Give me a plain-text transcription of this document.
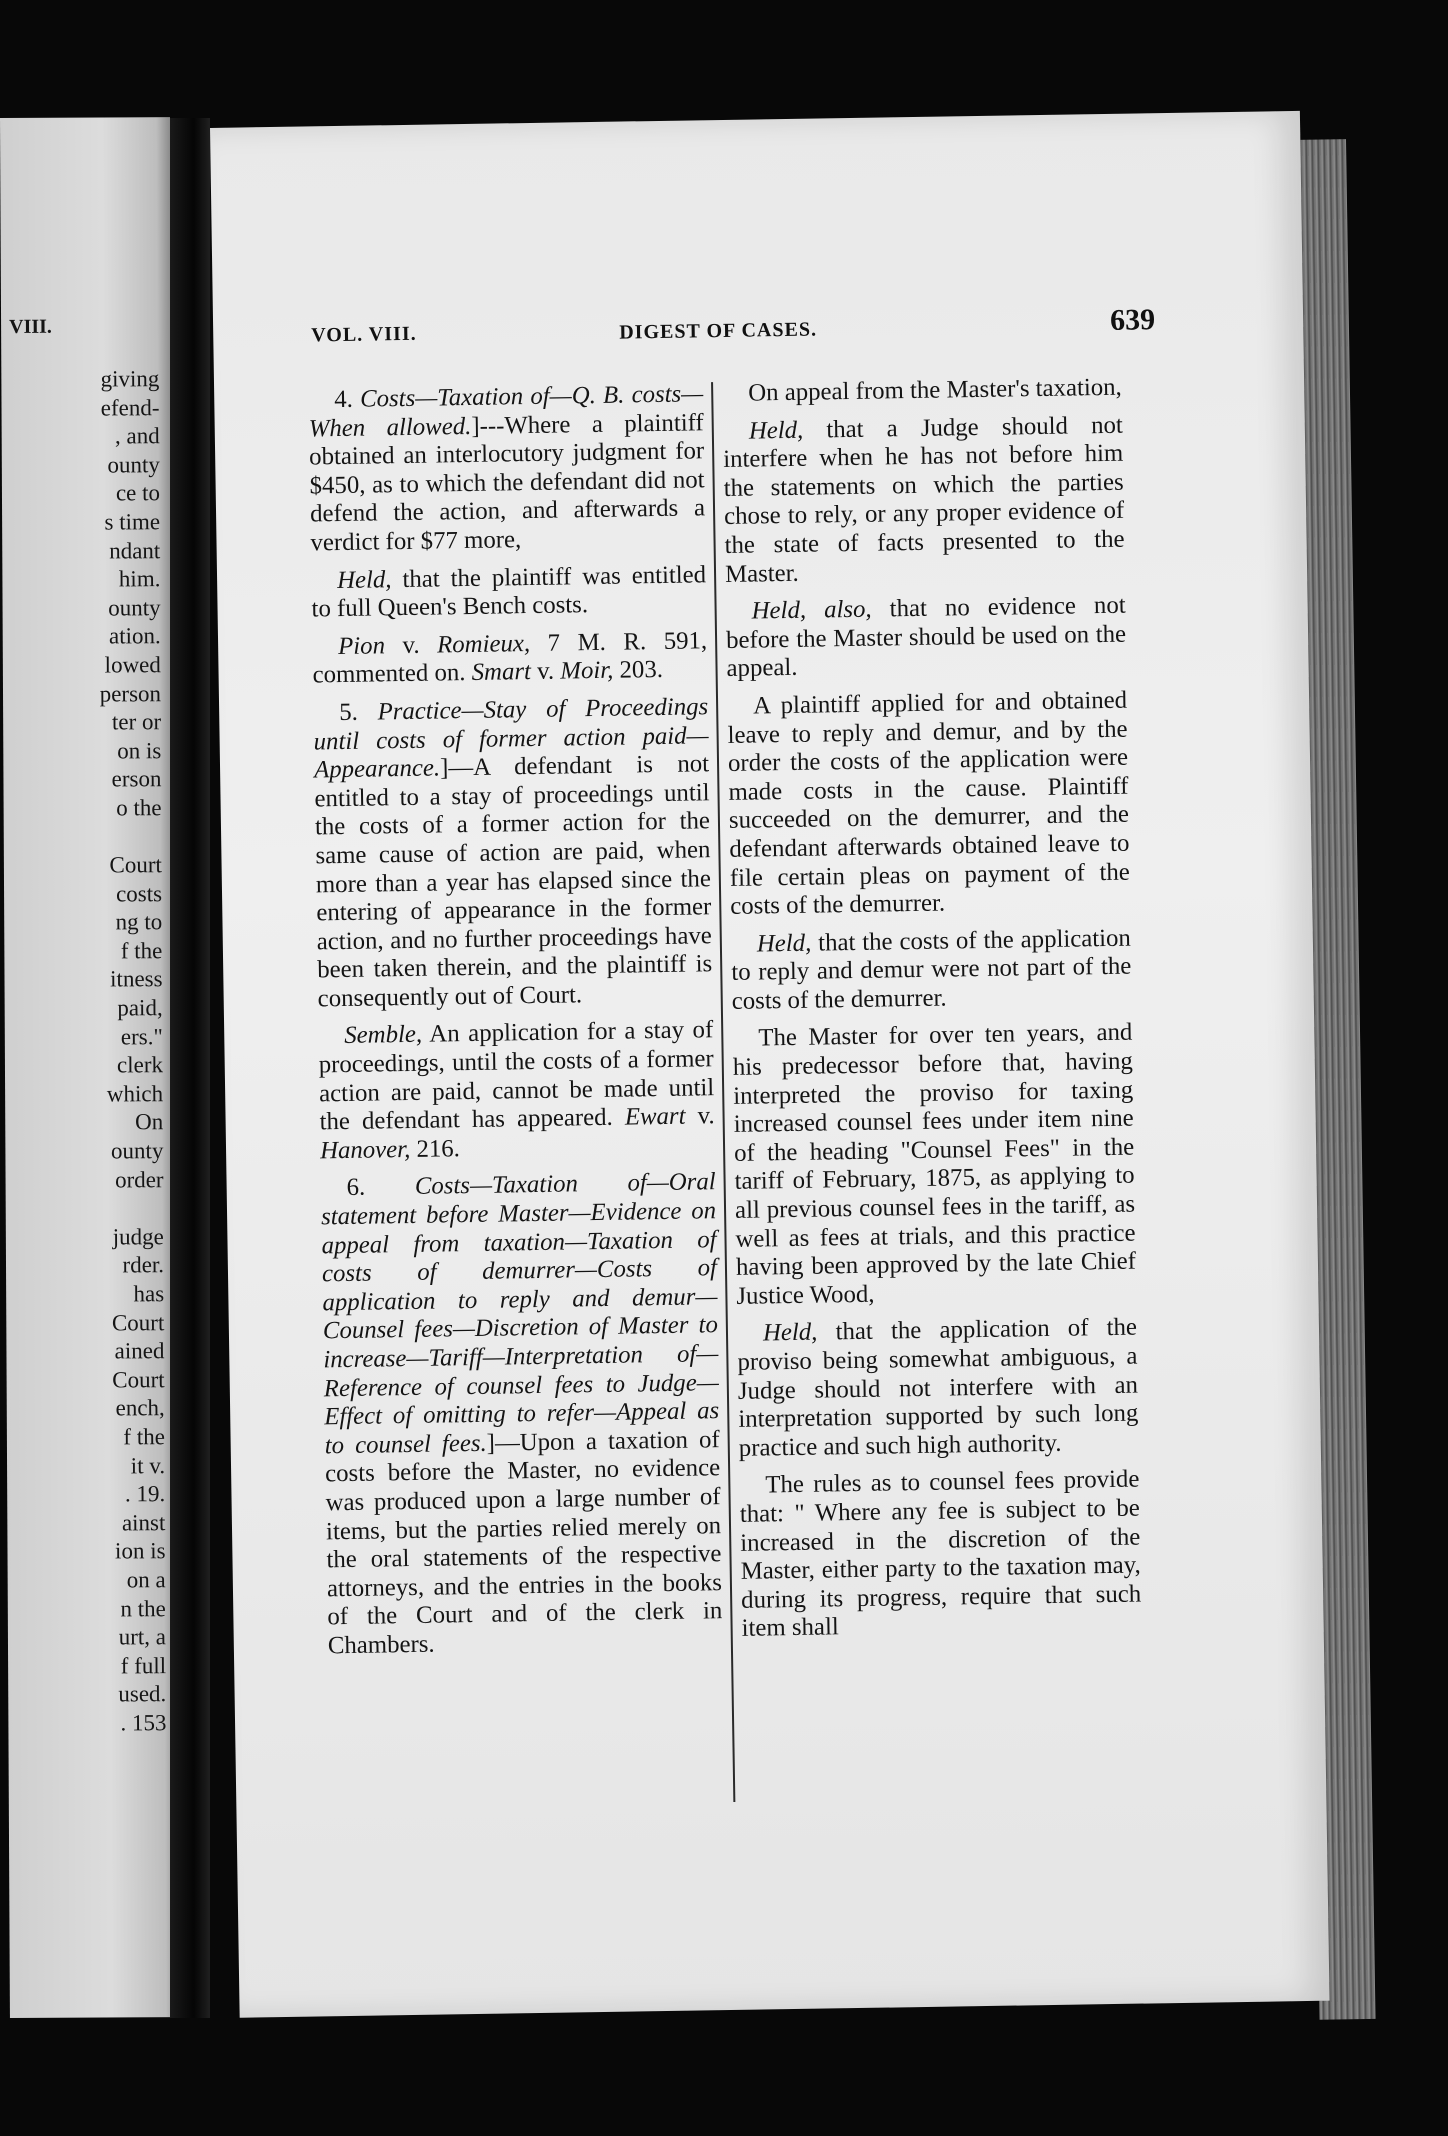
VIII.
giving
efend-
, and
ounty
ce to
s time
ndant
him.
ounty
ation.
lowed
person
ter or
on is
erson
o the

Court
costs
ng to
f the
itness
paid,
ers."
clerk
which
On
ounty
order

judge
rder.
has
Court
ained
Court
ench,
f the
it v.
. 19.
ainst
ion is
on a
n the
urt, a
f full
used.
. 153
VOL. VIII.	DIGEST OF CASES.	639

4. Costs—Taxation of—Q. B. costs—When allowed.]---Where a plaintiff obtained an interlocutory judgment for $450, as to which the defendant did not defend the action, and afterwards a verdict for $77 more,

Held, that the plaintiff was entitled to full Queen's Bench costs.

Pion v. Romieux, 7 M. R. 591, commented on. Smart v. Moir, 203.

5. Practice—Stay of Proceedings until costs of former action paid—Appearance.]—A defendant is not entitled to a stay of proceedings until the costs of a former action for the same cause of action are paid, when more than a year has elapsed since the entering of appearance in the former action, and no further proceedings have been taken therein, and the plaintiff is consequently out of Court.

Semble, An application for a stay of proceedings, until the costs of a former action are paid, cannot be made until the defendant has appeared. Ewart v. Hanover, 216.

6. Costs—Taxation of—Oral statement before Master—Evidence on appeal from taxation—Taxation of costs of demurrer—Costs of application to reply and demur—Counsel fees—Discretion of Master to increase—Tariff—Interpretation of—Reference of counsel fees to Judge—Effect of omitting to refer—Appeal as to counsel fees.]—Upon a taxation of costs before the Master, no evidence was produced upon a large number of items, but the parties relied merely on the oral statements of the respective attorneys, and the entries in the books of the Court and of the clerk in Chambers.

On appeal from the Master's taxation,

Held, that a Judge should not interfere when he has not before him the statements on which the parties chose to rely, or any proper evidence of the state of facts presented to the Master.

Held, also, that no evidence not before the Master should be used on the appeal.

A plaintiff applied for and obtained leave to reply and demur, and by the order the costs of the application were made costs in the cause. Plaintiff succeeded on the demurrer, and the defendant afterwards obtained leave to file certain pleas on payment of the costs of the demurrer.

Held, that the costs of the application to reply and demur were not part of the costs of the demurrer.

The Master for over ten years, and his predecessor before that, having interpreted the proviso for taxing increased counsel fees under item nine of the heading "Counsel Fees" in the tariff of February, 1875, as applying to all previous counsel fees in the tariff, as well as fees at trials, and this practice having been approved by the late Chief Justice Wood,

Held, that the application of the proviso being somewhat ambiguous, a Judge should not interfere with an interpretation supported by such long practice and such high authority.

The rules as to counsel fees provide that: " Where any fee is subject to be increased in the discretion of the Master, either party to the taxation may, during its progress, require that such item shall
